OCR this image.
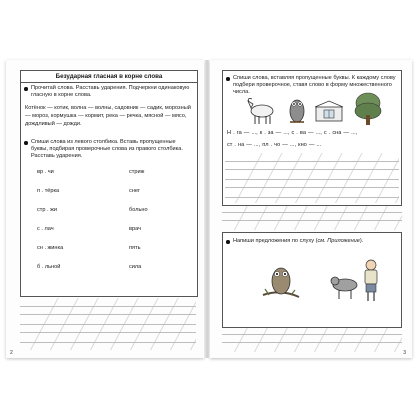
Безударная гласная в корне слова
Прочитай слова. Расставь ударения. Подчеркни одинаковую гласную в корне слова.
Котёнок — котик, волна — волны, садовник — садик, морозный — мороз, кормушка — кормит, река — речка, мясной — мясо, дождливый — дожди.
Спиши слова из левого столбика. Вставь пропущенные буквы, подбирая проверочные слова из правого столбика. Расставь ударения.
вр . чи	стриж
п . тёрка	снег
стр . жи	больно
с . лач	врач
сн . жинка	пять
б . льной	сила
2
Спиши слова, вставляя пропущенные буквы. К каждому слову подбери проверочное, ставя слово в форму множественного числа.
Н . га — ..., к . за — ..., с . ва — ..., с . сна — ...,
ст . на — ..., пл . чо — ..., кно — ...
Напиши предложения по слуху (см. Приложение).
3
